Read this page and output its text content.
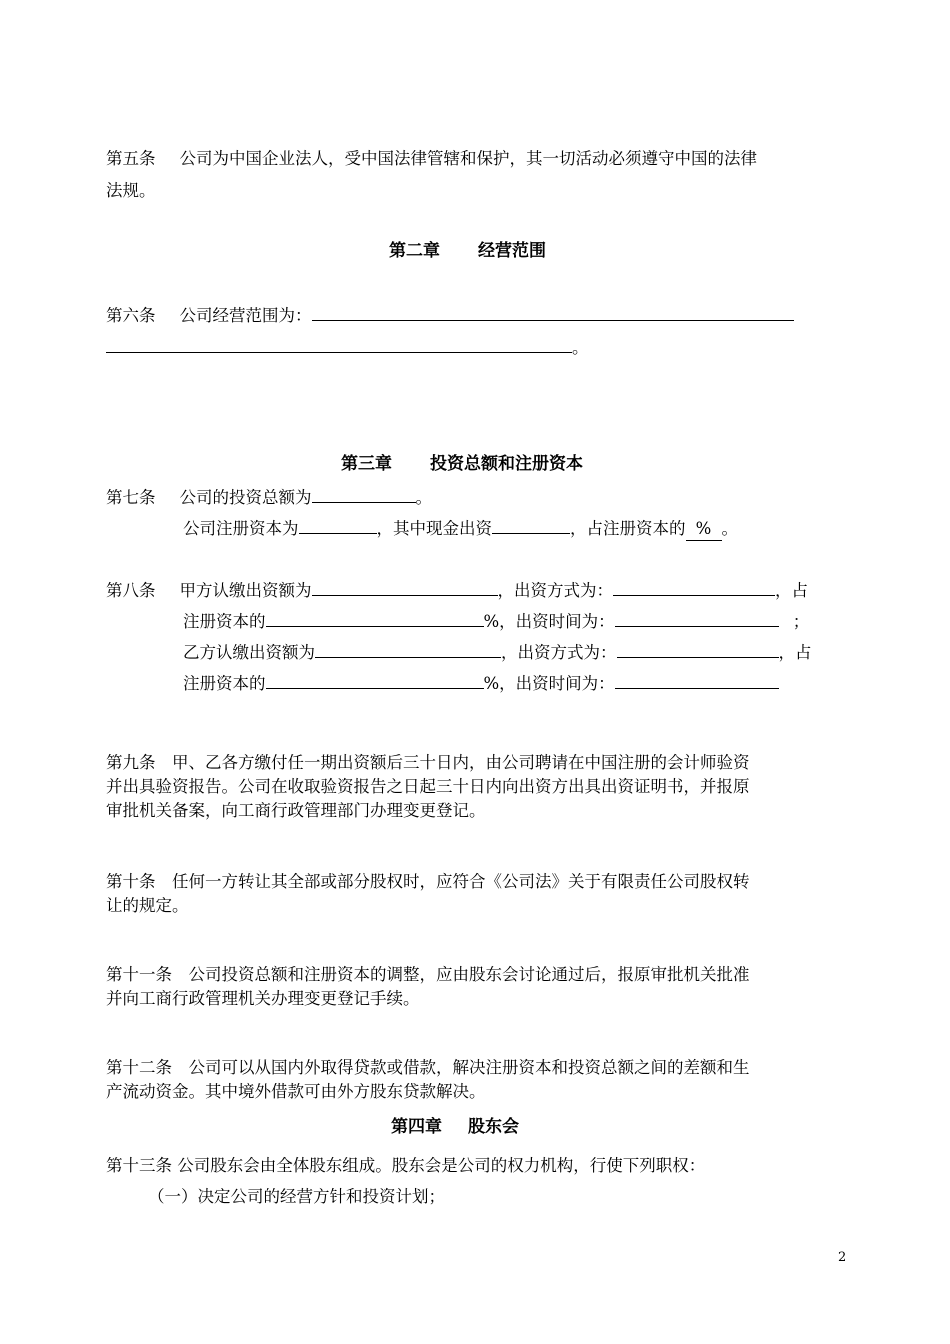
第五条 公司为中国企业法人，受中国法律管辖和保护，其一切活动必须遵守中国的法律
法规。
第二章 经营范围
第六条 公司经营范围为：
。
第三章 投资总额和注册资本
第七条 公司的投资总额为	。
公司注册资本为	，其中现金出资	，占注册资本的 % 。
第八条 甲方认缴出资额为	，出资方式为：	，占
注册资本的	%，出资时间为：	；
乙方认缴出资额为	，出资方式为：	，占
注册资本的	%，出资时间为：
第九条　甲、乙各方缴付任一期出资额后三十日内，由公司聘请在中国注册的会计师验资
并出具验资报告。公司在收取验资报告之日起三十日内向出资方出具出资证明书，并报原
审批机关备案，向工商行政管理部门办理变更登记。
第十条　任何一方转让其全部或部分股权时，应符合《公司法》关于有限责任公司股权转
让的规定。
第十一条　公司投资总额和注册资本的调整，应由股东会讨论通过后，报原审批机关批准
并向工商行政管理机关办理变更登记手续。
第十二条　公司可以从国内外取得贷款或借款，解决注册资本和投资总额之间的差额和生
产流动资金。其中境外借款可由外方股东贷款解决。
第四章 股东会
第十三条 公司股东会由全体股东组成。股东会是公司的权力机构，行使下列职权：
（一）决定公司的经营方针和投资计划；
2
